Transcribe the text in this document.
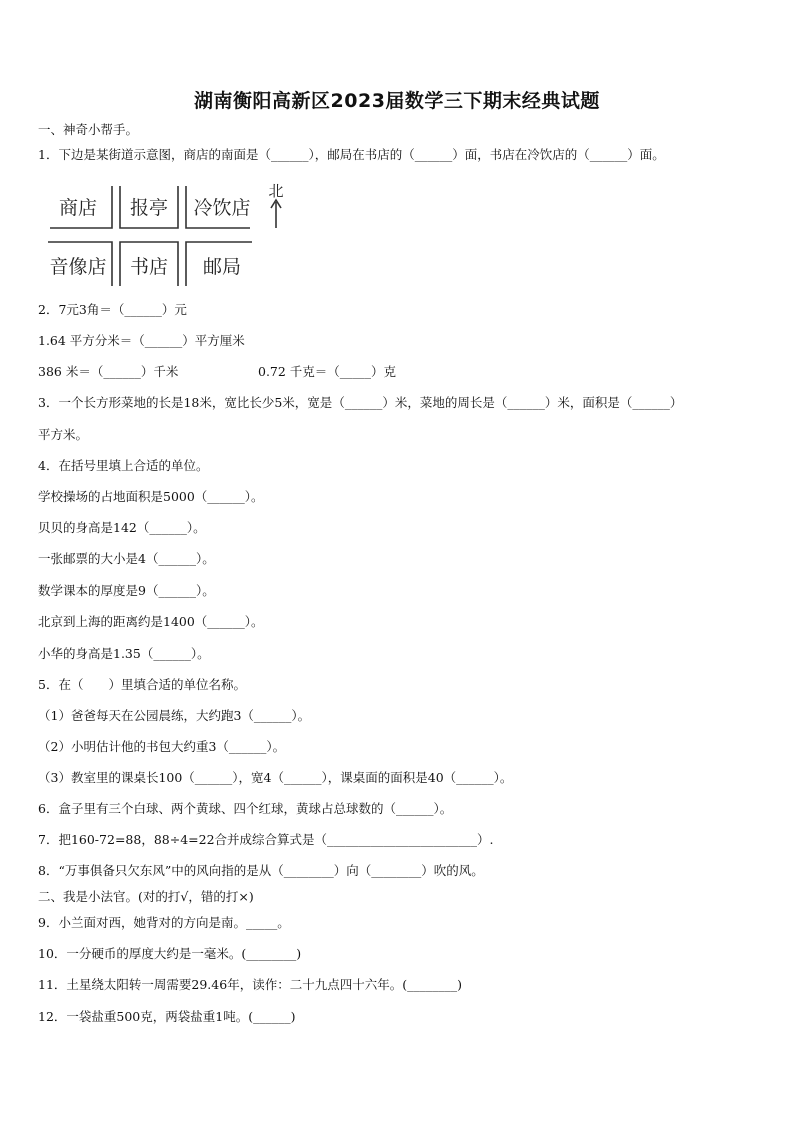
湖南衡阳高新区2023届数学三下期末经典试题
一、神奇小帮手。
1．下边是某街道示意图，商店的南面是（______），邮局在书店的（______）面，书店在冷饮店的（______）面。
商店 报亭 冷饮店
音像店 书店 邮局
北
2．7元3角＝（______）元
1.64 平方分米＝（______）平方厘米
386 米＝（______）千米	0.72 千克＝（_____）克
3．一个长方形菜地的长是18米，宽比长少5米，宽是（______）米，菜地的周长是（______）米，面积是（______）
平方米。
4．在括号里填上合适的单位。
学校操场的占地面积是5000（______）。
贝贝的身高是142（______）。
一张邮票的大小是4（______）。
数学课本的厚度是9（______）。
北京到上海的距离约是1400（______）。
小华的身高是1.35（______）。
5．在（　　）里填合适的单位名称。
（1）爸爸每天在公园晨练，大约跑3（______）。
（2）小明估计他的书包大约重3（______）。
（3）教室里的课桌长100（______），宽4（______），课桌面的面积是40（______）。
6．盒子里有三个白球、两个黄球、四个红球，黄球占总球数的（______）。
7．把160-72=88，88÷4=22合并成综合算式是（________________________）.
8．“万事俱备只欠东风”中的风向指的是从（________）向（________）吹的风。
二、我是小法官。(对的打√，错的打×)
9．小兰面对西，她背对的方向是南。_____。
10．一分硬币的厚度大约是一毫米。(________)
11．土星绕太阳转一周需要29.46年，读作：二十九点四十六年。(________)
12．一袋盐重500克，两袋盐重1吨。(______)
